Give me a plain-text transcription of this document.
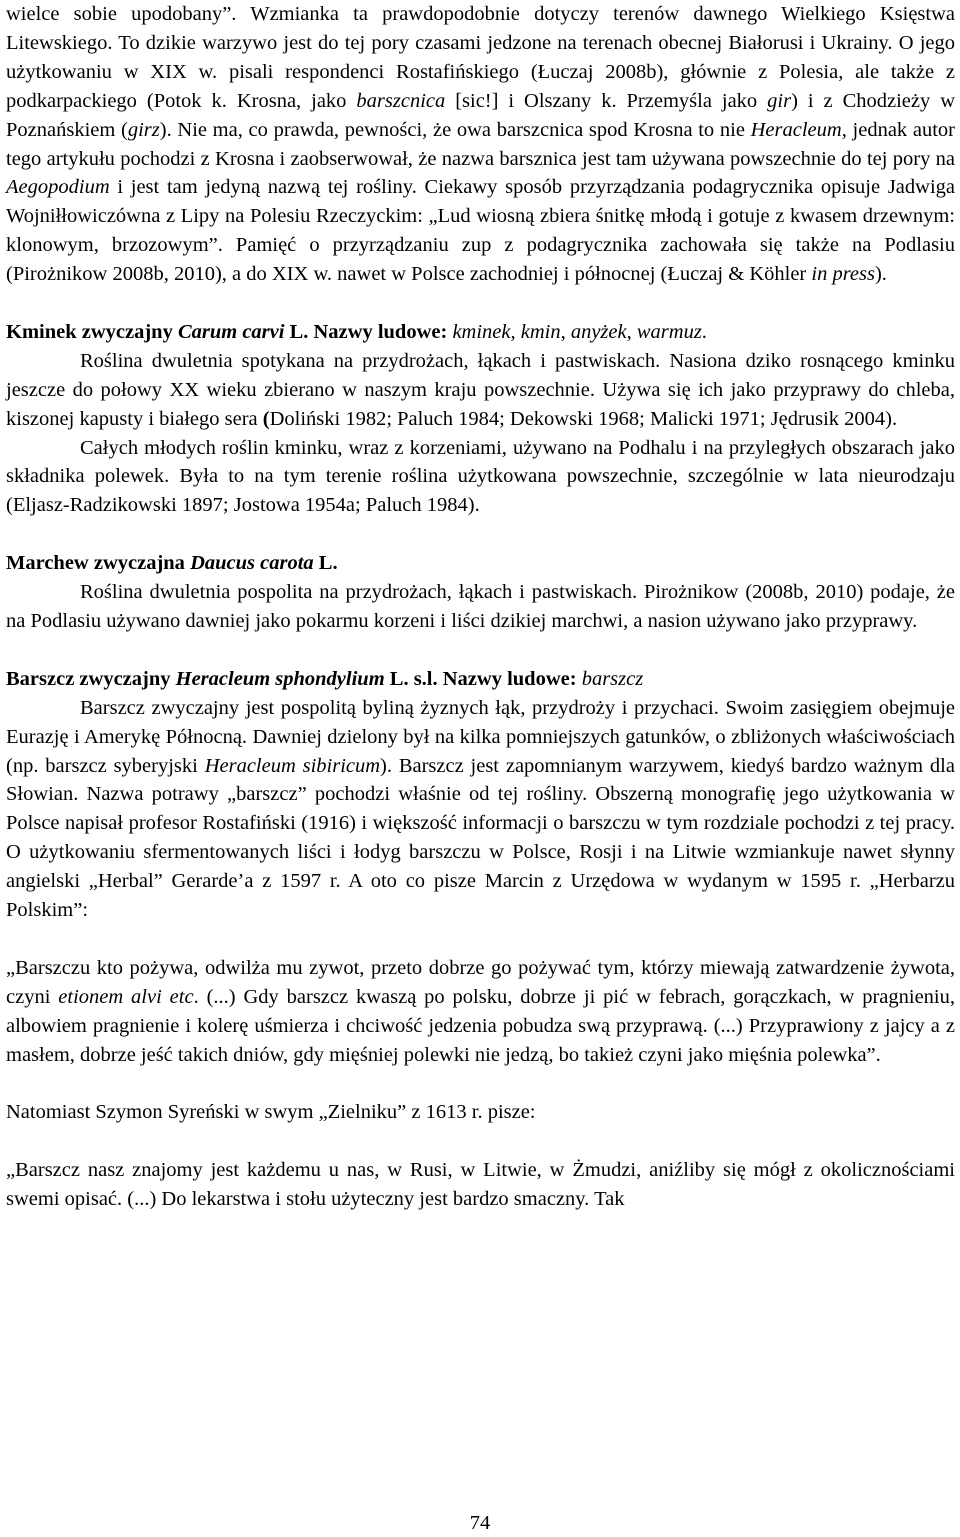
wielce sobie upodobany”. Wzmianka ta prawdopodobnie dotyczy terenów dawnego Wielkiego Księstwa Litewskiego. To dzikie warzywo jest do tej pory czasami jedzone na terenach obecnej Białorusi i Ukrainy. O jego użytkowaniu w XIX w. pisali respondenci Rostafińskiego (Łuczaj 2008b), głównie z Polesia, ale także z podkarpackiego (Potok k. Krosna, jako barszcnica [sic!] i Olszany k. Przemyśla jako gir) i z Chodzieży w Poznańskiem (girz). Nie ma, co prawda, pewności, że owa barszcnica spod Krosna to nie Heracleum, jednak autor tego artykułu pochodzi z Krosna i zaobserwował, że nazwa barsznica jest tam używana powszechnie do tej pory na Aegopodium i jest tam jedyną nazwą tej rośliny. Ciekawy sposób przyrządzania podagrycznika opisuje Jadwiga Wojniłłowiczówna z Lipy na Polesiu Rzeczyckim: „Lud wiosną zbiera śnitkę młodą i gotuje z kwasem drzewnym: klonowym, brzozowym”. Pamięć o przyrządzaniu zup z podagrycznika zachowała się także na Podlasiu (Pirożnikow 2008b, 2010), a do XIX w. nawet w Polsce zachodniej i północnej (Łuczaj & Köhler in press).

Kminek zwyczajny Carum carvi L. Nazwy ludowe: kminek, kmin, anyżek, warmuz.

Roślina dwuletnia spotykana na przydrożach, łąkach i pastwiskach. Nasiona dziko rosnącego kminku jeszcze do połowy XX wieku zbierano w naszym kraju powszechnie. Używa się ich jako przyprawy do chleba, kiszonej kapusty i białego sera (Doliński 1982; Paluch 1984; Dekowski 1968; Malicki 1971; Jędrusik 2004).

Całych młodych roślin kminku, wraz z korzeniami, używano na Podhalu i na przyległych obszarach jako składnika polewek. Była to na tym terenie roślina użytkowana powszechnie, szczególnie w lata nieurodzaju (Eljasz-Radzikowski 1897; Jostowa 1954a; Paluch 1984).

Marchew zwyczajna Daucus carota L.

Roślina dwuletnia pospolita na przydrożach, łąkach i pastwiskach. Pirożnikow (2008b, 2010) podaje, że na Podlasiu używano dawniej jako pokarmu korzeni i liści dzikiej marchwi, a nasion używano jako przyprawy.

Barszcz zwyczajny Heracleum sphondylium L. s.l. Nazwy ludowe: barszcz

Barszcz zwyczajny jest pospolitą byliną żyznych łąk, przydroży i przychaci. Swoim zasięgiem obejmuje Eurazję i Amerykę Północną. Dawniej dzielony był na kilka pomniejszych gatunków, o zbliżonych właściwościach (np. barszcz syberyjski Heracleum sibiricum). Barszcz jest zapomnianym warzywem, kiedyś bardzo ważnym dla Słowian. Nazwa potrawy „barszcz” pochodzi właśnie od tej rośliny. Obszerną monografię jego użytkowania w Polsce napisał profesor Rostafiński (1916) i większość informacji o barszczu w tym rozdziale pochodzi z tej pracy. O użytkowaniu sfermentowanych liści i łodyg barszczu w Polsce, Rosji i na Litwie wzmiankuje nawet słynny angielski „Herbal” Gerarde’a z 1597 r. A oto co pisze Marcin z Urzędowa w wydanym w 1595 r. „Herbarzu Polskim”:

„Barszczu kto pożywa, odwilża mu zywot, przeto dobrze go pożywać tym, którzy miewają zatwardzenie żywota, czyni etionem alvi etc. (...) Gdy barszcz kwaszą po polsku, dobrze ji pić w febrach, gorączkach, w pragnieniu, albowiem pragnienie i kolerę uśmierza i chciwość jedzenia pobudza swą przyprawą. (...) Przyprawiony z jajcy a z masłem, dobrze jeść takich dniów, gdy mięśniej polewki nie jedzą, bo takież czyni jako mięśnia polewka”.

Natomiast Szymon Syreński w swym „Zielniku” z 1613 r. pisze:

„Barszcz nasz znajomy jest każdemu u nas, w Rusi, w Litwie, w Żmudzi, aniźliby się mógł z okolicznościami swemi opisać. (...) Do lekarstwa i stołu użyteczny jest bardzo smaczny. Tak

74
